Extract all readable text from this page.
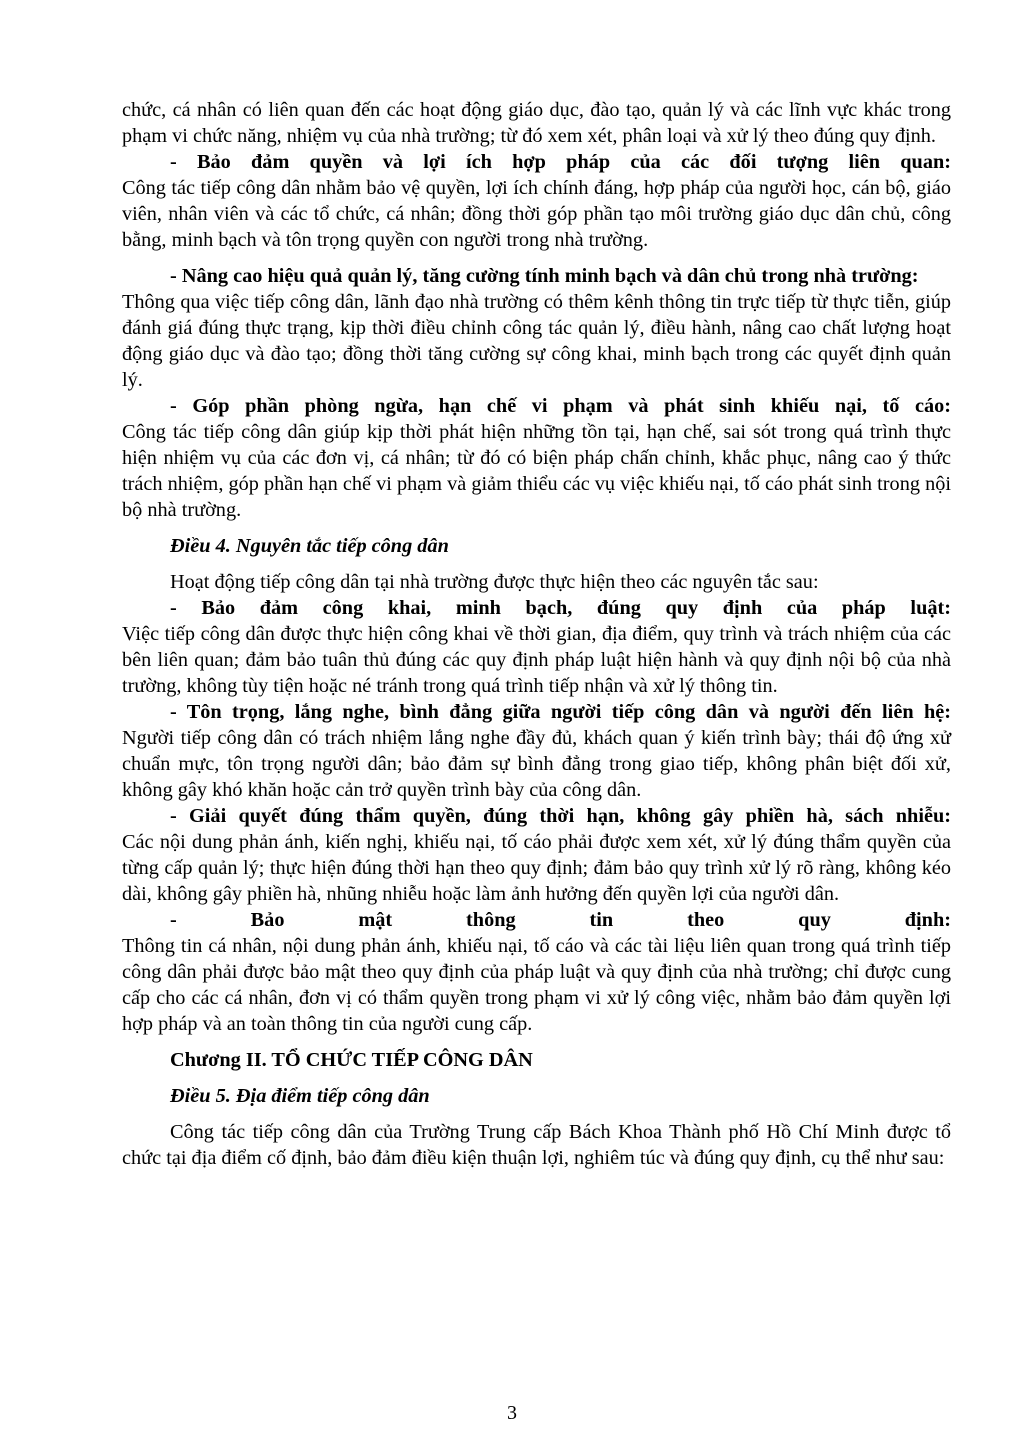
chức, cá nhân có liên quan đến các hoạt động giáo dục, đào tạo, quản lý và các lĩnh vực khác trong phạm vi chức năng, nhiệm vụ của nhà trường; từ đó xem xét, phân loại và xử lý theo đúng quy định.

- Bảo đảm quyền và lợi ích hợp pháp của các đối tượng liên quan:

Công tác tiếp công dân nhằm bảo vệ quyền, lợi ích chính đáng, hợp pháp của người học, cán bộ, giáo viên, nhân viên và các tổ chức, cá nhân; đồng thời góp phần tạo môi trường giáo dục dân chủ, công bằng, minh bạch và tôn trọng quyền con người trong nhà trường.

- Nâng cao hiệu quả quản lý, tăng cường tính minh bạch và dân chủ trong nhà trường:

Thông qua việc tiếp công dân, lãnh đạo nhà trường có thêm kênh thông tin trực tiếp từ thực tiễn, giúp đánh giá đúng thực trạng, kịp thời điều chỉnh công tác quản lý, điều hành, nâng cao chất lượng hoạt động giáo dục và đào tạo; đồng thời tăng cường sự công khai, minh bạch trong các quyết định quản lý.

- Góp phần phòng ngừa, hạn chế vi phạm và phát sinh khiếu nại, tố cáo:

Công tác tiếp công dân giúp kịp thời phát hiện những tồn tại, hạn chế, sai sót trong quá trình thực hiện nhiệm vụ của các đơn vị, cá nhân; từ đó có biện pháp chấn chỉnh, khắc phục, nâng cao ý thức trách nhiệm, góp phần hạn chế vi phạm và giảm thiểu các vụ việc khiếu nại, tố cáo phát sinh trong nội bộ nhà trường.

Điều 4. Nguyên tắc tiếp công dân

Hoạt động tiếp công dân tại nhà trường được thực hiện theo các nguyên tắc sau:

- Bảo đảm công khai, minh bạch, đúng quy định của pháp luật:

Việc tiếp công dân được thực hiện công khai về thời gian, địa điểm, quy trình và trách nhiệm của các bên liên quan; đảm bảo tuân thủ đúng các quy định pháp luật hiện hành và quy định nội bộ của nhà trường, không tùy tiện hoặc né tránh trong quá trình tiếp nhận và xử lý thông tin.

- Tôn trọng, lắng nghe, bình đẳng giữa người tiếp công dân và người đến liên hệ:

Người tiếp công dân có trách nhiệm lắng nghe đầy đủ, khách quan ý kiến trình bày; thái độ ứng xử chuẩn mực, tôn trọng người dân; bảo đảm sự bình đẳng trong giao tiếp, không phân biệt đối xử, không gây khó khăn hoặc cản trở quyền trình bày của công dân.

- Giải quyết đúng thẩm quyền, đúng thời hạn, không gây phiền hà, sách nhiễu:

Các nội dung phản ánh, kiến nghị, khiếu nại, tố cáo phải được xem xét, xử lý đúng thẩm quyền của từng cấp quản lý; thực hiện đúng thời hạn theo quy định; đảm bảo quy trình xử lý rõ ràng, không kéo dài, không gây phiền hà, nhũng nhiễu hoặc làm ảnh hưởng đến quyền lợi của người dân.

- Bảo mật thông tin theo quy định:

Thông tin cá nhân, nội dung phản ánh, khiếu nại, tố cáo và các tài liệu liên quan trong quá trình tiếp công dân phải được bảo mật theo quy định của pháp luật và quy định của nhà trường; chỉ được cung cấp cho các cá nhân, đơn vị có thẩm quyền trong phạm vi xử lý công việc, nhằm bảo đảm quyền lợi hợp pháp và an toàn thông tin của người cung cấp.

Chương II. TỔ CHỨC TIẾP CÔNG DÂN

Điều 5. Địa điểm tiếp công dân

Công tác tiếp công dân của Trường Trung cấp Bách Khoa Thành phố Hồ Chí Minh được tổ chức tại địa điểm cố định, bảo đảm điều kiện thuận lợi, nghiêm túc và đúng quy định, cụ thể như sau:

3
